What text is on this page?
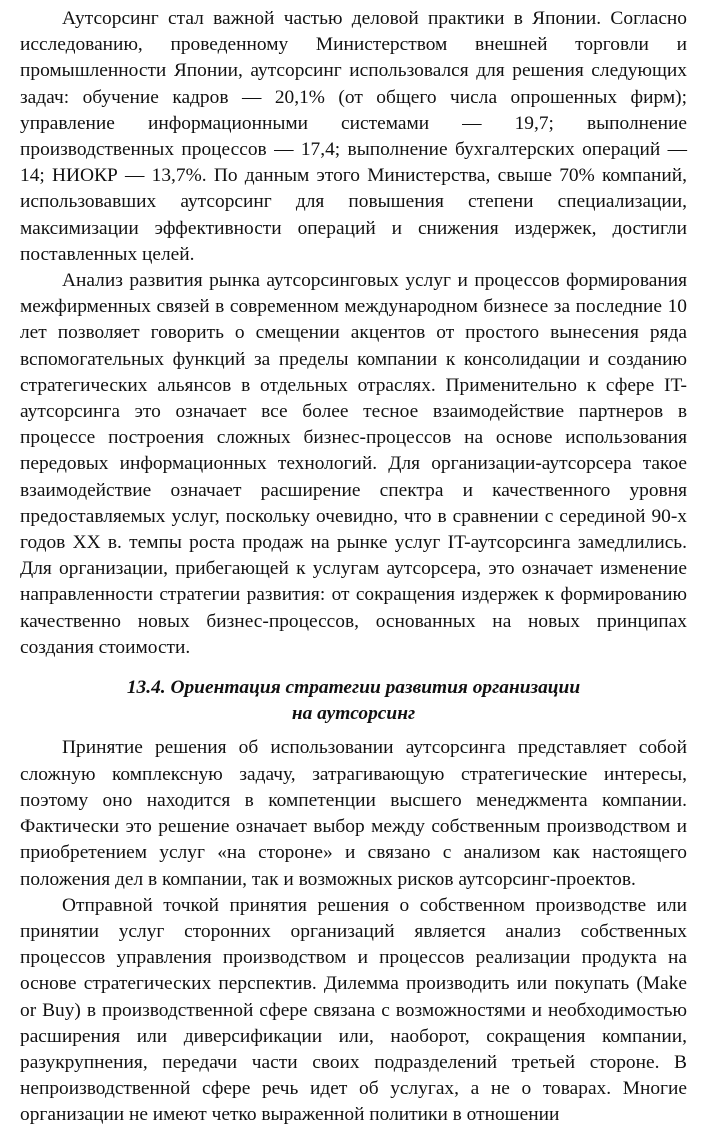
Аутсорсинг стал важной частью деловой практики в Японии. Согласно исследованию, проведенному Министерством внешней торговли и промышленности Японии, аутсорсинг использовался для решения следующих задач: обучение кадров — 20,1% (от общего числа опрошенных фирм); управление информационными системами — 19,7; выполнение производственных процессов — 17,4; выполнение бухгалтерских операций — 14; НИОКР — 13,7%. По данным этого Министерства, свыше 70% компаний, использовавших аутсорсинг для повышения степени специализации, максимизации эффективности операций и снижения издержек, достигли поставленных целей.

Анализ развития рынка аутсорсинговых услуг и процессов формирования межфирменных связей в современном международном бизнесе за последние 10 лет позволяет говорить о смещении акцентов от простого вынесения ряда вспомогательных функций за пределы компании к консолидации и созданию стратегических альянсов в отдельных отраслях. Применительно к сфере IT-аутсорсинга это означает все более тесное взаимодействие партнеров в процессе построения сложных бизнес-процессов на основе использования передовых информационных технологий. Для организации-аутсорсера такое взаимодействие означает расширение спектра и качественного уровня предоставляемых услуг, поскольку очевидно, что в сравнении с серединой 90-х годов XX в. темпы роста продаж на рынке услуг IT-аутсорсинга замедлились. Для организации, прибегающей к услугам аутсорсера, это означает изменение направленности стратегии развития: от сокращения издержек к формированию качественно новых бизнес-процессов, основанных на новых принципах создания стоимости.

13.4. Ориентация стратегии развития организации
на аутсорсинг

Принятие решения об использовании аутсорсинга представляет собой сложную комплексную задачу, затрагивающую стратегические интересы, поэтому оно находится в компетенции высшего менеджмента компании. Фактически это решение означает выбор между собственным производством и приобретением услуг «на стороне» и связано с анализом как настоящего положения дел в компании, так и возможных рисков аутсорсинг-проектов.

Отправной точкой принятия решения о собственном производстве или принятии услуг сторонних организаций является анализ собственных процессов управления производством и процессов реализации продукта на основе стратегических перспектив. Дилемма производить или покупать (Make or Buy) в производственной сфере связана с возможностями и необходимостью расширения или диверсификации или, наоборот, сокращения компании, разукрупнения, передачи части своих подразделений третьей стороне. В непроизводственной сфере речь идет об услугах, а не о товарах. Многие организации не имеют четко выраженной политики в отношении
